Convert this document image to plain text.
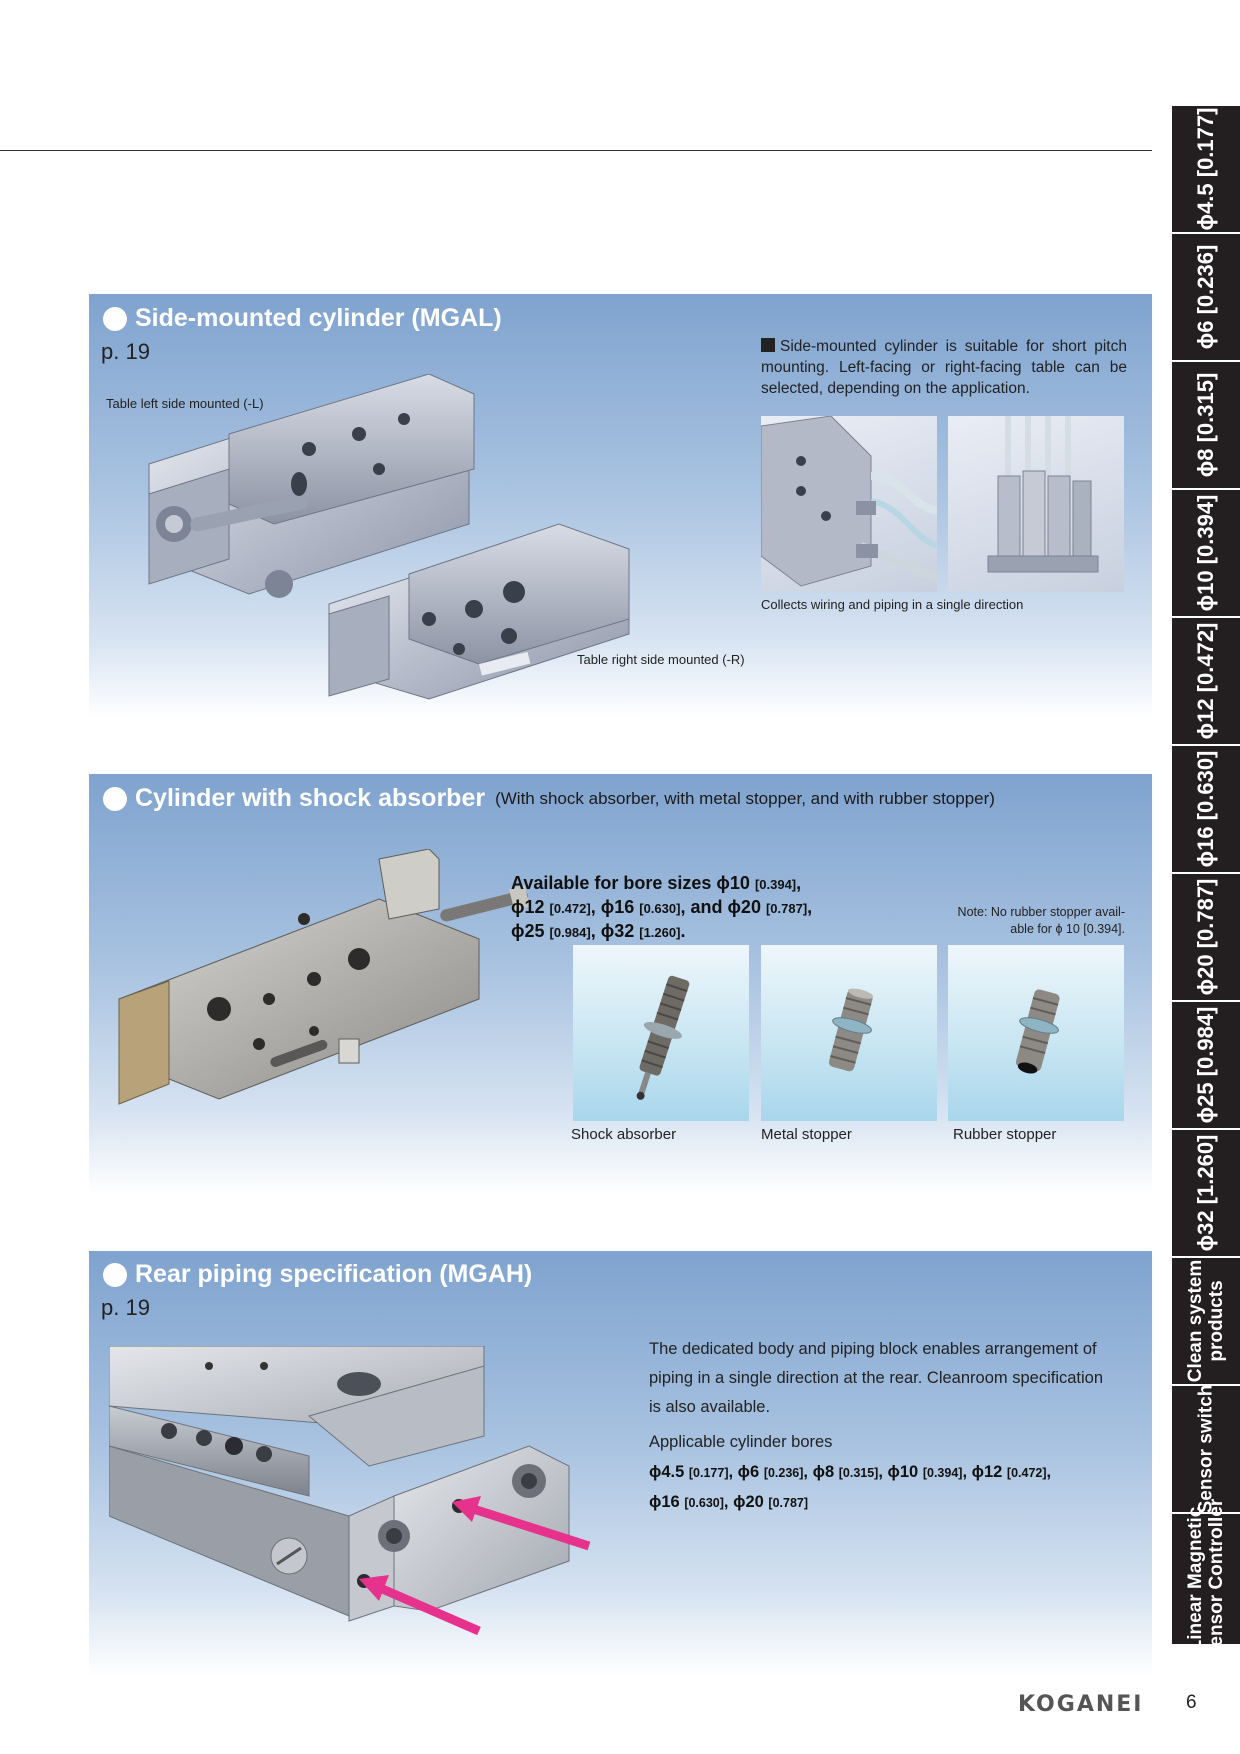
ϕ4.5 [0.177]
ϕ6 [0.236]
ϕ8 [0.315]
ϕ10 [0.394]
ϕ12 [0.472]
ϕ16 [0.630]
ϕ20 [0.787]
ϕ25 [0.984]
ϕ32 [1.260]
Clean system products
Sensor switch
Linear Magnetic Sensor Controller
Side-mounted cylinder (MGAL)
p. 19
Table left side mounted (-L)
Table right side mounted (-R)
Side-mounted cylinder is suitable for short pitch mounting. Left-facing or right-facing table can be selected, depending on the application.
Collects wiring and piping in a single direction
Cylinder with shock absorber (With shock absorber, with metal stopper, and with rubber stopper)
Available for bore sizes ϕ10 [0.394],
ϕ12 [0.472], ϕ16 [0.630], and ϕ20 [0.787],
ϕ25 [0.984], ϕ32 [1.260].
Note: No rubber stopper avail-
able for ϕ 10 [0.394].
Shock absorber	Metal stopper	Rubber stopper
Rear piping specification (MGAH)
p. 19
The dedicated body and piping block enables arrangement of piping in a single direction at the rear. Cleanroom specification is also available.
Applicable cylinder bores
ϕ4.5 [0.177], ϕ6 [0.236], ϕ8 [0.315], ϕ10 [0.394], ϕ12 [0.472],
ϕ16 [0.630], ϕ20 [0.787]
KOGANEI 6
